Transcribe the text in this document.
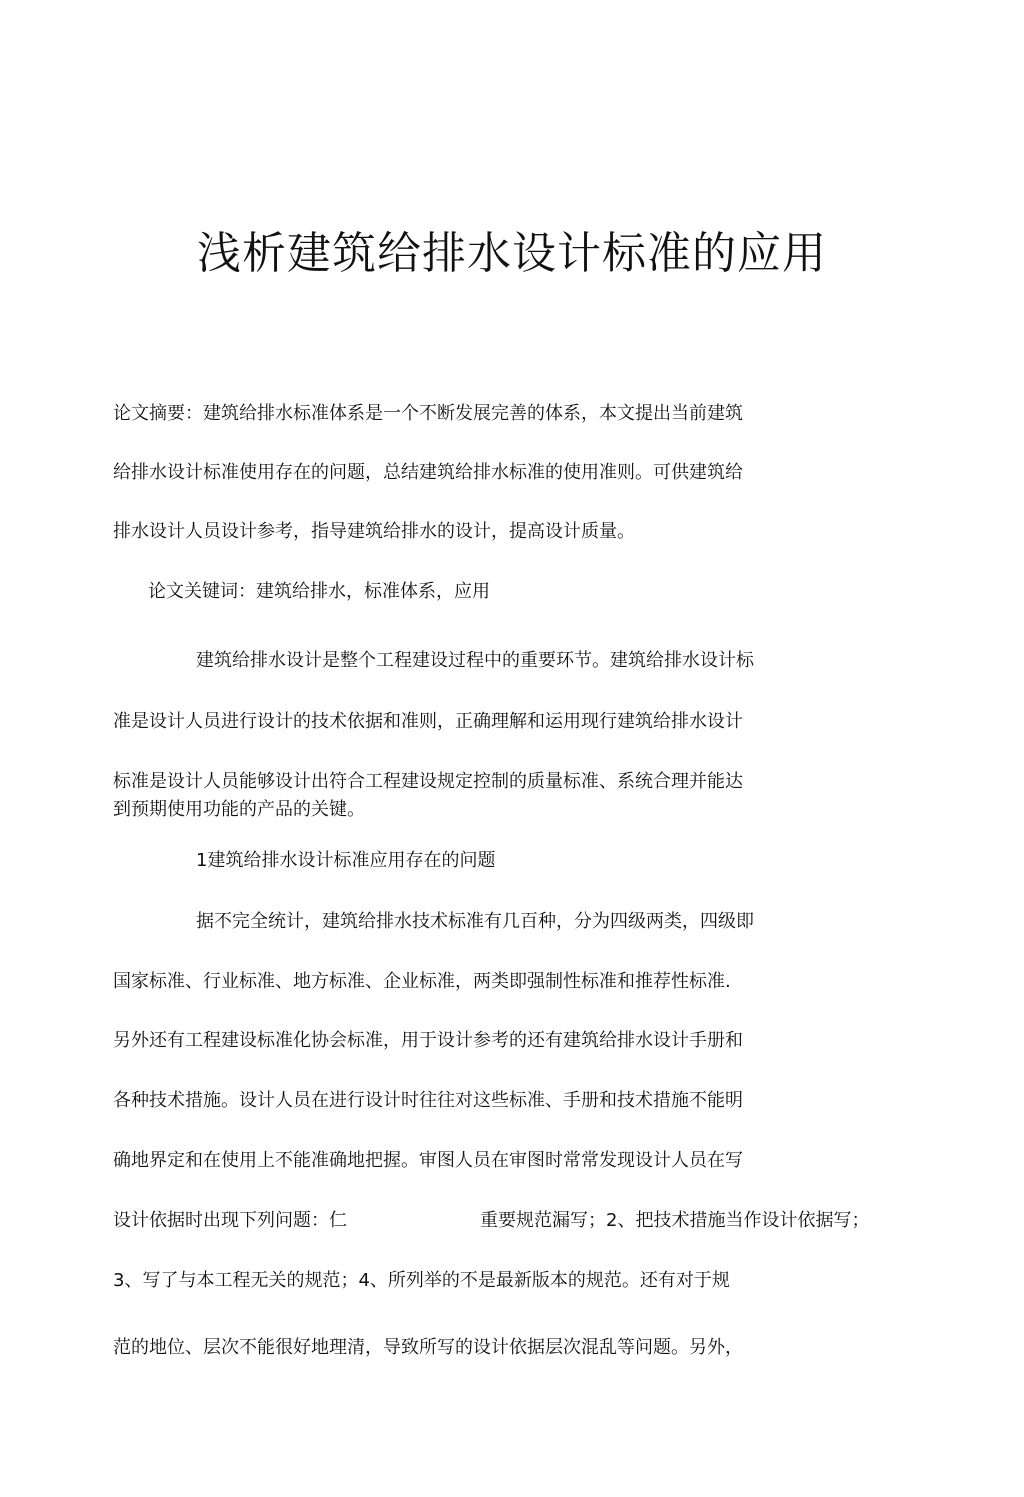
浅析建筑给排水设计标准的应用

论文摘要：建筑给排水标准体系是一个不断发展完善的体系，本文提出当前建筑

给排水设计标准使用存在的问题，总结建筑给排水标准的使用准则。可供建筑给

排水设计人员设计参考，指导建筑给排水的设计，提高设计质量。

论文关键词：建筑给排水，标准体系，应用

建筑给排水设计是整个工程建设过程中的重要环节。建筑给排水设计标

准是设计人员进行设计的技术依据和准则，正确理解和运用现行建筑给排水设计

标准是设计人员能够设计出符合工程建设规定控制的质量标准、系统合理并能达

到预期使用功能的产品的关键。

1建筑给排水设计标准应用存在的问题

据不完全统计，建筑给排水技术标准有几百种，分为四级两类，四级即

国家标准、行业标准、地方标准、企业标准，两类即强制性标准和推荐性标准.

另外还有工程建设标准化协会标准，用于设计参考的还有建筑给排水设计手册和

各种技术措施。设计人员在进行设计时往往对这些标准、手册和技术措施不能明

确地界定和在使用上不能准确地把握。审图人员在审图时常常发现设计人员在写

设计依据时出现下列问题：仁	重要规范漏写；2、把技术措施当作设计依据写；

3、写了与本工程无关的规范；4、所列举的不是最新版本的规范。还有对于规

范的地位、层次不能很好地理清，导致所写的设计依据层次混乱等问题。另外，
